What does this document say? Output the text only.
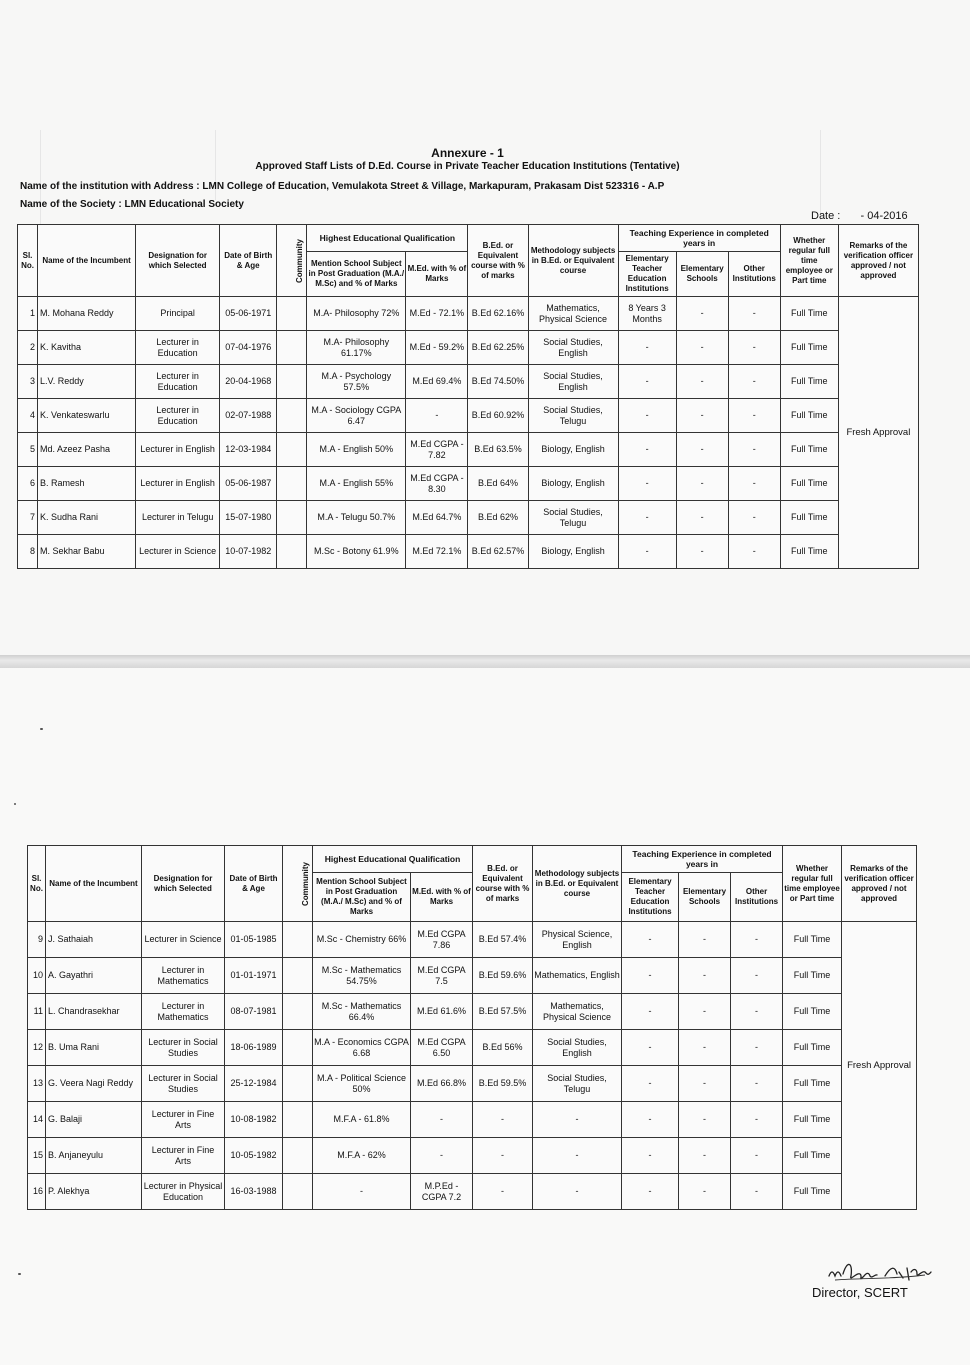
Annexure - 1
Approved Staff Lists of D.Ed. Course in Private Teacher Education Institutions (Tentative)
Name of the institution with Address : LMN College of Education, Vemulakota Street & Village, Markapuram, Prakasam Dist 523316 - A.P
Name of the Society : LMN Educational Society
Date : - 04-2016
Sl. No.	Name of the Incumbent	Designation for which Selected	Date of Birth & Age	Community	Highest Educational Qualification		B.Ed. or Equivalent course with % of marks	Methodology subjects in B.Ed. or Equivalent course	Teaching Experience in completed years in			Whether regular full time employee or Part time	Remarks of the verification officer approved / not approved
					Mention School Subject in Post Graduation (M.A./ M.Sc) and % of Marks	M.Ed. with % of Marks			Elementary Teacher Education Institutions	Elementary Schools	Other Institutions		
1	M. Mohana Reddy	Principal	05-06-1971		M.A- Philosophy 72%	M.Ed - 72.1%	B.Ed 62.16%	Mathematics, Physical Science	8 Years 3 Months	-	-	Full Time	Fresh Approval
2	K. Kavitha	Lecturer in Education	07-04-1976		M.A- Philosophy 61.17%	M.Ed - 59.2%	B.Ed 62.25%	Social Studies, English	-	-	-	Full Time	
3	L.V. Reddy	Lecturer in Education	20-04-1968		M.A - Psychology 57.5%	M.Ed 69.4%	B.Ed 74.50%	Social Studies, English	-	-	-	Full Time	
4	K. Venkateswarlu	Lecturer in Education	02-07-1988		M.A - Sociology CGPA 6.47	-	B.Ed 60.92%	Social Studies, Telugu	-	-	-	Full Time	
5	Md. Azeez Pasha	Lecturer in English	12-03-1984		M.A - English 50%	M.Ed CGPA - 7.82	B.Ed 63.5%	Biology, English	-	-	-	Full Time	
6	B. Ramesh	Lecturer in English	05-06-1987		M.A - English 55%	M.Ed CGPA - 8.30	B.Ed 64%	Biology, English	-	-	-	Full Time	
7	K. Sudha Rani	Lecturer in Telugu	15-07-1980		M.A - Telugu 50.7%	M.Ed 64.7%	B.Ed 62%	Social Studies, Telugu	-	-	-	Full Time	
8	M. Sekhar Babu	Lecturer in Science	10-07-1982		M.Sc - Botony 61.9%	M.Ed 72.1%	B.Ed 62.57%	Biology, English	-	-	-	Full Time	
Sl. No.	Name of the Incumbent	Designation for which Selected	Date of Birth & Age	Community	Highest Educational Qualification		B.Ed. or Equivalent course with % of marks	Methodology subjects in B.Ed. or Equivalent course	Teaching Experience in completed years in			Whether regular full time employee or Part time	Remarks of the verification officer approved / not approved
					Mention School Subject in Post Graduation (M.A./ M.Sc) and % of Marks	M.Ed. with % of Marks			Elementary Teacher Education Institutions	Elementary Schools	Other Institutions		
9	J. Sathaiah	Lecturer in Science	01-05-1985		M.Sc - Chemistry 66%	M.Ed CGPA 7.86	B.Ed 57.4%	Physical Science, English	-	-	-	Full Time	Fresh Approval
10	A. Gayathri	Lecturer in Mathematics	01-01-1971		M.Sc - Mathematics 54.75%	M.Ed CGPA 7.5	B.Ed 59.6%	Mathematics, English	-	-	-	Full Time	
11	L. Chandrasekhar	Lecturer in Mathematics	08-07-1981		M.Sc - Mathematics 66.4%	M.Ed 61.6%	B.Ed 57.5%	Mathematics, Physical Science	-	-	-	Full Time	
12	B. Uma Rani	Lecturer in Social Studies	18-06-1989		M.A - Economics CGPA 6.68	M.Ed CGPA 6.50	B.Ed 56%	Social Studies, English	-	-	-	Full Time	
13	G. Veera Nagi Reddy	Lecturer in Social Studies	25-12-1984		M.A - Political Science 50%	M.Ed 66.8%	B.Ed 59.5%	Social Studies, Telugu	-	-	-	Full Time	
14	G. Balaji	Lecturer in Fine Arts	10-08-1982		M.F.A - 61.8%	-	-	-	-	-	-	Full Time	
15	B. Anjaneyulu	Lecturer in Fine Arts	10-05-1982		M.F.A - 62%	-	-	-	-	-	-	Full Time	
16	P. Alekhya	Lecturer in Physical Education	16-03-1988		-	M.P.Ed - CGPA 7.2	-	-	-	-	-	Full Time	
Director, SCERT
